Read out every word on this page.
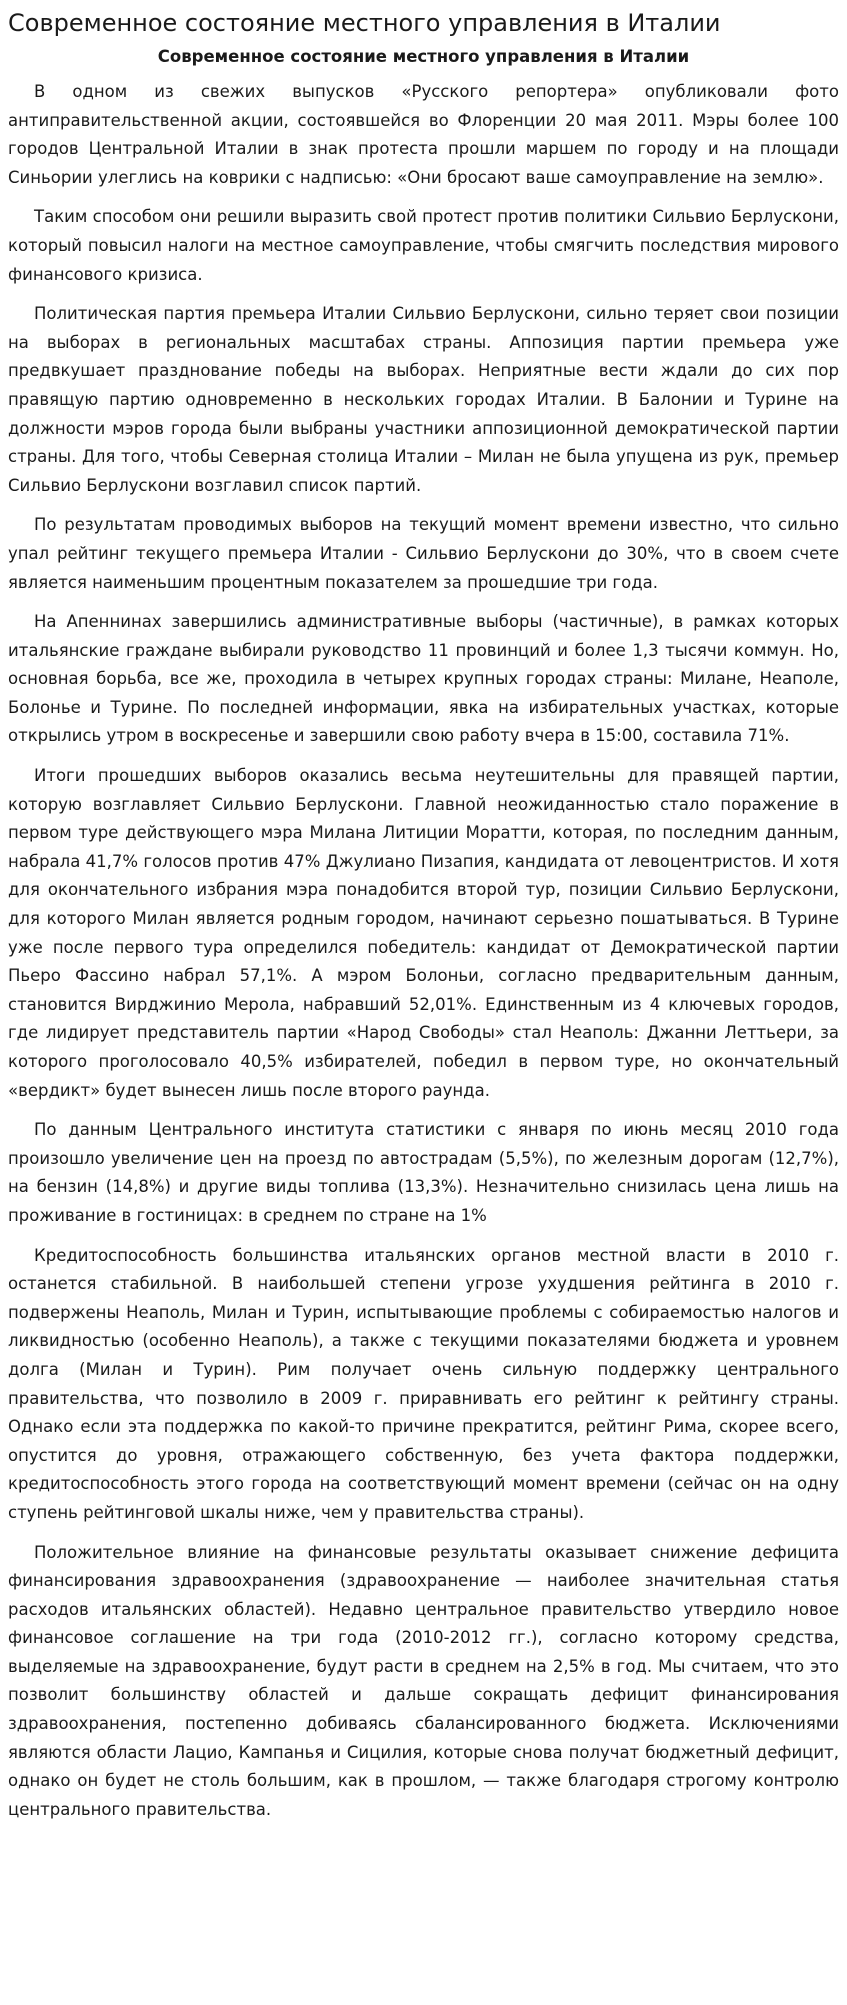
Современное состояние местного управления в Италии
Современное состояние местного управления в Италии

В одном из свежих выпусков «Русского репортера» опубликовали фото антиправительственной акции, состоявшейся во Флоренции 20 мая 2011. Мэры более 100 городов Центральной Италии в знак протеста прошли маршем по городу и на площади Синьории улеглись на коврики с надписью: «Они бросают ваше самоуправление на землю».

Таким способом они решили выразить свой протест против политики Сильвио Берлускони, который повысил налоги на местное самоуправление, чтобы смягчить последствия мирового финансового кризиса.

Политическая партия премьера Италии Сильвио Берлускони, сильно теряет свои позиции на выборах в региональных масштабах страны. Аппозиция партии премьера уже предвкушает празднование победы на выборах. Неприятные вести ждали до сих пор правящую партию одновременно в нескольких городах Италии. В Балонии и Турине на должности мэров города были выбраны участники аппозиционной демократической партии страны. Для того, чтобы Северная столица Италии – Милан не была упущена из рук, премьер Сильвио Берлускони возглавил список партий.

По результатам проводимых выборов на текущий момент времени известно, что сильно упал рейтинг текущего премьера Италии - Сильвио Берлускони до 30%, что в своем счете является наименьшим процентным показателем за прошедшие три года.

На Апеннинах завершились административные выборы (частичные), в рамках которых итальянские граждане выбирали руководство 11 провинций и более 1,3 тысячи коммун. Но, основная борьба, все же, проходила в четырех крупных городах страны: Милане, Неаполе, Болонье и Турине. По последней информации, явка на избирательных участках, которые открылись утром в воскресенье и завершили свою работу вчера в 15:00, составила 71%.

Итоги прошедших выборов оказались весьма неутешительны для правящей партии, которую возглавляет Сильвио Берлускони. Главной неожиданностью стало поражение в первом туре действующего мэра Милана Литиции Моратти, которая, по последним данным, набрала 41,7% голосов против 47% Джулиано Пизапия, кандидата от левоцентристов. И хотя для окончательного избрания мэра понадобится второй тур, позиции Сильвио Берлускони, для которого Милан является родным городом, начинают серьезно пошатываться. В Турине уже после первого тура определился победитель: кандидат от Демократической партии Пьеро Фассино набрал 57,1%. А мэром Болоньи, согласно предварительным данным, становится Вирджинио Мерола, набравший 52,01%. Единственным из 4 ключевых городов, где лидирует представитель партии «Народ Свободы» стал Неаполь: Джанни Леттьери, за которого проголосовало 40,5% избирателей, победил в первом туре, но окончательный «вердикт» будет вынесен лишь после второго раунда.

По данным Центрального института статистики с января по июнь месяц 2010 года произошло увеличение цен на проезд по автострадам (5,5%), по железным дорогам (12,7%), на бензин (14,8%) и другие виды топлива (13,3%). Незначительно снизилась цена лишь на проживание в гостиницах: в среднем по стране на 1%

Кредитоспособность большинства итальянских органов местной власти в 2010 г. останется стабильной. В наибольшей степени угрозе ухудшения рейтинга в 2010 г. подвержены Неаполь, Милан и Турин, испытывающие проблемы с собираемостью налогов и ликвидностью (особенно Неаполь), а также с текущими показателями бюджета и уровнем долга (Милан и Турин). Рим получает очень сильную поддержку центрального правительства, что позволило в 2009 г. приравнивать его рейтинг к рейтингу страны. Однако если эта поддержка по какой-то причине прекратится, рейтинг Рима, скорее всего, опустится до уровня, отражающего собственную, без учета фактора поддержки, кредитоспособность этого города на соответствующий момент времени (сейчас он на одну ступень рейтинговой шкалы ниже, чем у правительства страны).

Положительное влияние на финансовые результаты оказывает снижение дефицита финансирования здравоохранения (здравоохранение — наиболее значительная статья расходов итальянских областей). Недавно центральное правительство утвердило новое финансовое соглашение на три года (2010-2012 гг.), согласно которому средства, выделяемые на здравоохранение, будут расти в среднем на 2,5% в год. Мы считаем, что это позволит большинству областей и дальше сокращать дефицит финансирования здравоохранения, постепенно добиваясь сбалансированного бюджета. Исключениями являются области Лацио, Кампанья и Сицилия, которые снова получат бюджетный дефицит, однако он будет не столь большим, как в прошлом, — также благодаря строгому контролю центрального правительства.
